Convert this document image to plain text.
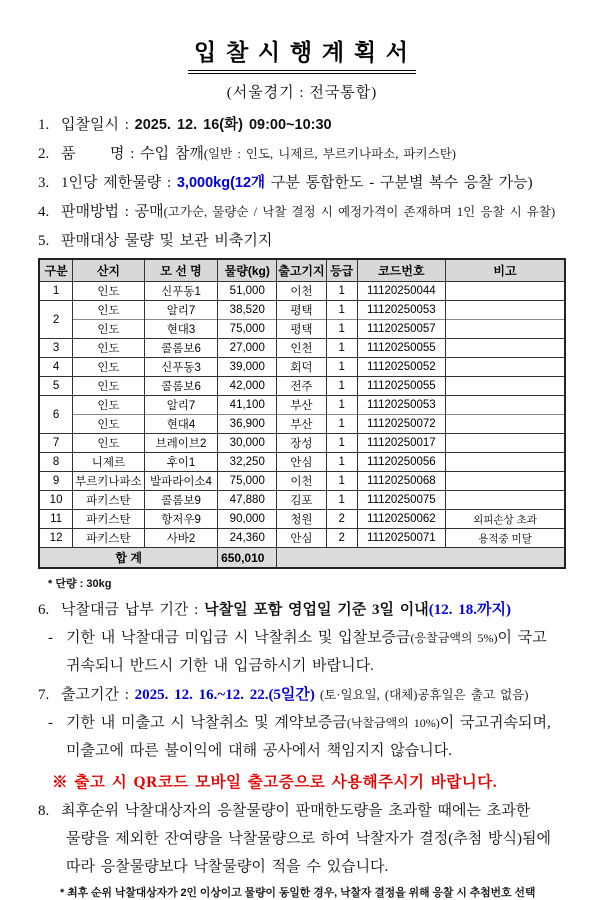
입 찰 시 행 계 획 서
(서울경기 : 전국통합)
1. 입찰일시 : 2025. 12. 16(화) 09:00~10:30
2. 품      명 : 수입 참깨(일반 : 인도, 니제르, 부르키나파소, 파키스탄)
3. 1인당 제한물량 : 3,000kg(12개 구분 통합한도 - 구분별 복수 응찰 가능)
4. 판매방법 : 공매(고가순, 물량순 / 낙찰 결정 시 예정가격이 존재하며 1인 응찰 시 유찰)
5. 판매대상 물량 및 보관 비축기지
구분	산지	모 선 명	물량(kg)	출고기지	등급	코드번호	비고
1	인도	신푸동1	51,000	이천	1	11120250044	
2	인도	알리7	38,520	평택	1	11120250053	
	인도	현대3	75,000	평택	1	11120250057	
3	인도	콜롬보6	27,000	인천	1	11120250055	
4	인도	신푸동3	39,000	회덕	1	11120250052	
5	인도	콜롬보6	42,000	전주	1	11120250055	
6	인도	알리7	41,100	부산	1	11120250053	
	인도	현대4	36,900	부산	1	11120250072	
7	인도	브레이브2	30,000	장성	1	11120250017	
8	니제르	후이1	32,250	안심	1	11120250056	
9	부르키나파소	발파라이소4	75,000	이천	1	11120250068	
10	파키스탄	콜롬보9	47,880	김포	1	11120250075	
11	파키스탄	항저우9	90,000	청원	2	11120250062	외피손상 초과
12	파키스탄	사바2	24,360	안심	2	11120250071	용적중 미달
합 계			650,010				
* 단량 : 30kg
6. 낙찰대금 납부 기간 : 낙찰일 포함 영업일 기준 3일 이내(12. 18.까지)
- 기한 내 낙찰대금 미입금 시 낙찰취소 및 입찰보증금(응찰금액의 5%)이 국고
귀속되니 반드시 기한 내 입금하시기 바랍니다.
7. 출고기간 : 2025. 12. 16.~12. 22.(5일간) (토·일요일, (대체)공휴일은 출고 없음)
- 기한 내 미출고 시 낙찰취소 및 계약보증금(낙찰금액의 10%)이 국고귀속되며,
미출고에 따른 불이익에 대해 공사에서 책임지지 않습니다.
※ 출고 시 QR코드 모바일 출고증으로 사용해주시기 바랍니다.
8. 최후순위 낙찰대상자의 응찰물량이 판매한도량을 초과할 때에는 초과한
물량을 제외한 잔여량을 낙찰물량으로 하여 낙찰자가 결정(추첨 방식)됨에
따라 응찰물량보다 낙찰물량이 적을 수 있습니다.
* 최후 순위 낙찰대상자가 2인 이상이고 물량이 동일한 경우, 낙찰자 결정을 위해 응찰 시 추첨번호 선택
